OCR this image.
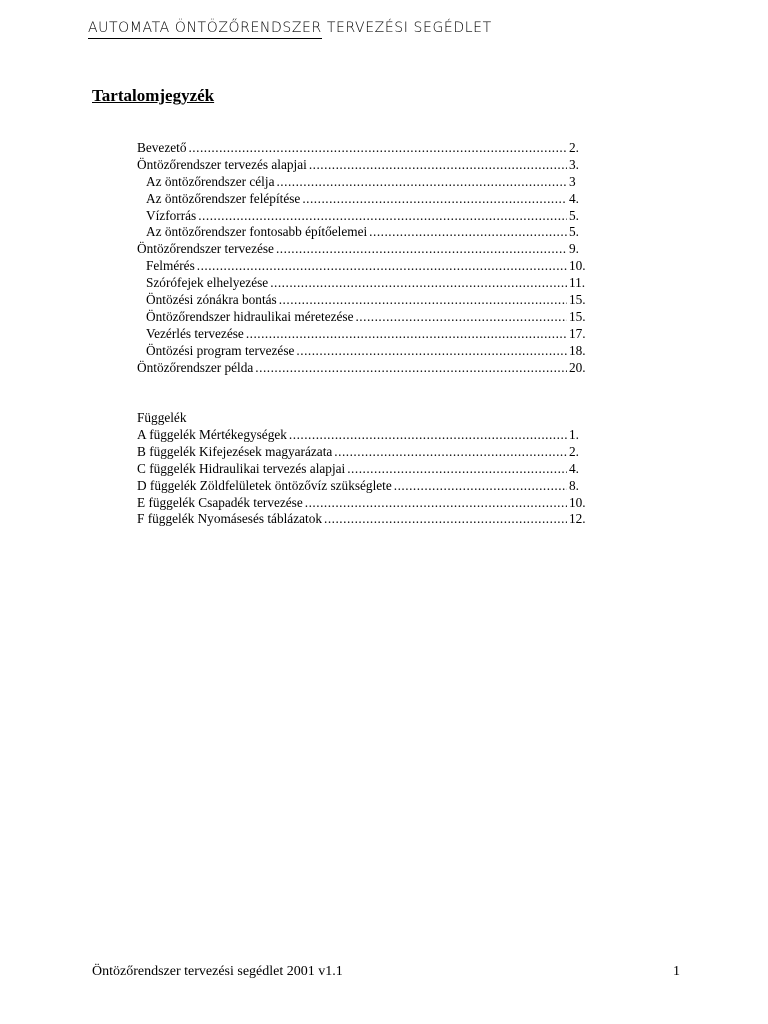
AUTOMATA ÖNTÖZŐRENDSZER TERVEZÉSI SEGÉDLET
Tartalomjegyzék
Bevezető .....	2.
Öntözőrendszer tervezés alapjai .....	3.
Az öntözőrendszer célja .....	3
Az öntözőrendszer felépítése .....	4.
Vízforrás .....	5.
Az öntözőrendszer fontosabb építőelemei .....	5.
Öntözőrendszer tervezése .....	9.
Felmérés .....	10.
Szórófejek elhelyezése .....	11.
Öntözési zónákra bontás .....	15.
Öntözőrendszer hidraulikai méretezése .....	15.
Vezérlés tervezése .....	17.
Öntözési program tervezése .....	18.
Öntözőrendszer példa .....	20.
Függelék
A függelék Mértékegységek .....	1.
B függelék Kifejezések magyarázata .....	2.
C függelék Hidraulikai tervezés alapjai .....	4.
D függelék Zöldfelületek öntözővíz szükséglete .....	8.
E függelék Csapadék tervezése .....	10.
F függelék Nyomásesés táblázatok .....	12.
Öntözőrendszer tervezési segédlet 2001 v1.1	1
